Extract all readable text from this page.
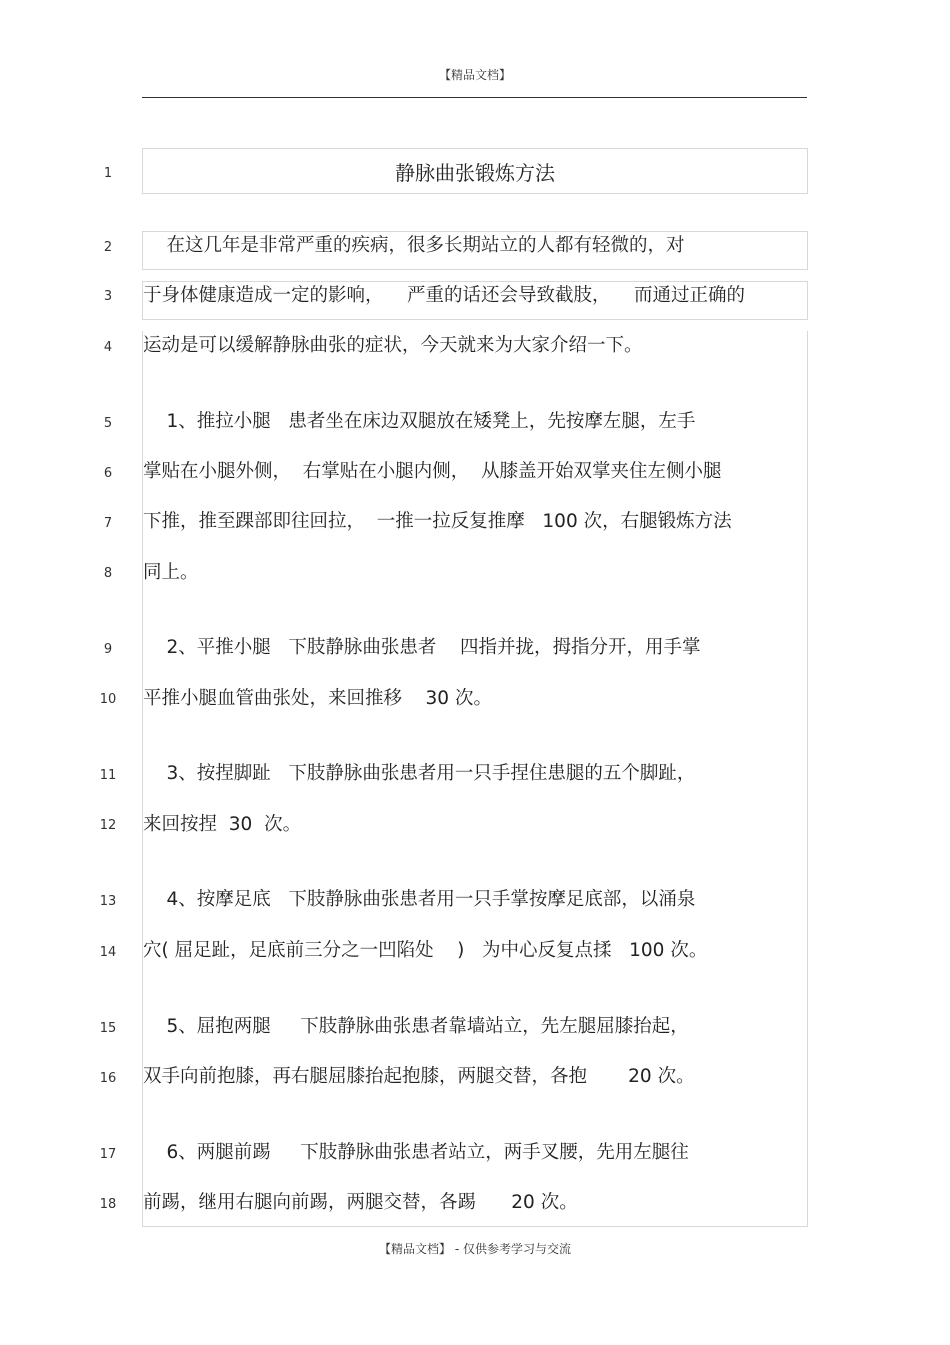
【精品文档】
静脉曲张锻炼方法
1
2	在这几年是非常严重的疾病，很多长期站立的人都有轻微的，对
3	于身体健康造成一定的影响，    严重的话还会导致截肢，    而通过正确的
4	运动是可以缓解静脉曲张的症状，今天就来为大家介绍一下。
5	1、推拉小腿   患者坐在床边双腿放在矮凳上，先按摩左腿，左手
6	掌贴在小腿外侧，  右掌贴在小腿内侧，  从膝盖开始双掌夹住左侧小腿
7	下推，推至踝部即往回拉，  一推一拉反复推摩   100 次，右腿锻炼方法
8	同上。
9	2、平推小腿   下肢静脉曲张患者    四指并拢，拇指分开，用手掌
10	平推小腿血管曲张处，来回推移    30 次。
11	3、按捏脚趾   下肢静脉曲张患者用一只手捏住患腿的五个脚趾，
12	来回按捏  30  次。
13	4、按摩足底   下肢静脉曲张患者用一只手掌按摩足底部，以涌泉
14	穴( 屈足趾，足底前三分之一凹陷处    )   为中心反复点揉   100 次。
15	5、屈抱两腿     下肢静脉曲张患者靠墙站立，先左腿屈膝抬起，
16	双手向前抱膝，再右腿屈膝抬起抱膝，两腿交替，各抱       20 次。
17	6、两腿前踢     下肢静脉曲张患者站立，两手叉腰，先用左腿往
18	前踢，继用右腿向前踢，两腿交替，各踢      20 次。
【精品文档】 - 仅供参考学习与交流
